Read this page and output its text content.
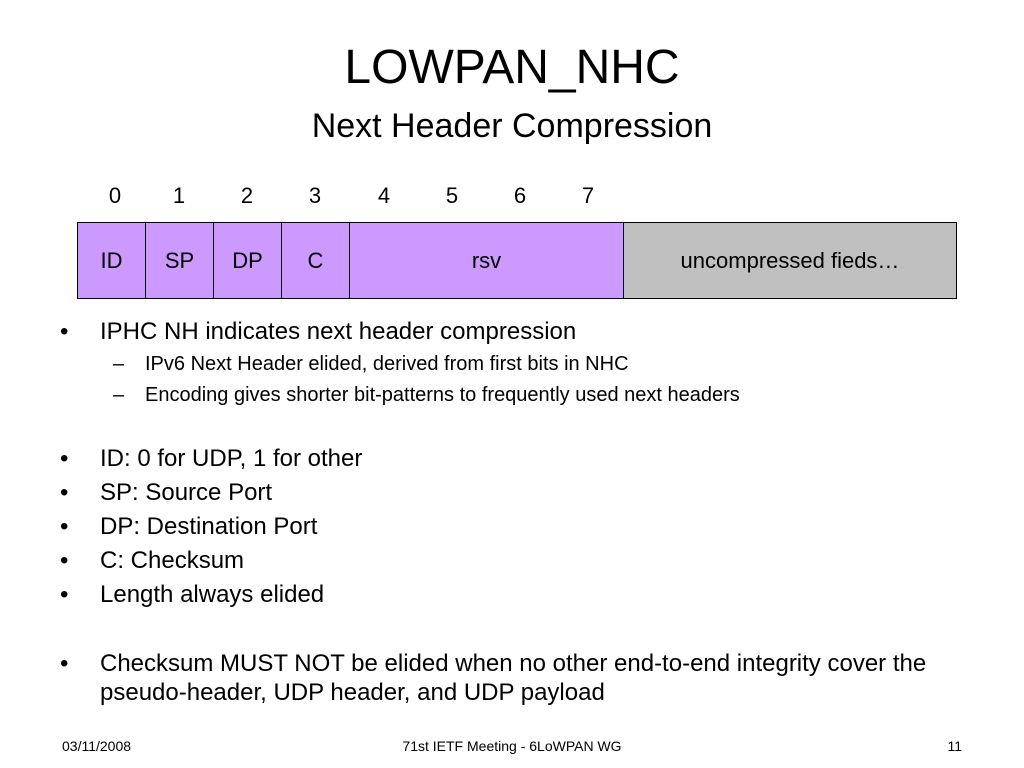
LOWPAN_NHC
Next Header Compression
0	1	2	3	4	5	6	7
ID SP DP C	rsv	uncompressed fieds…
•	IPHC NH indicates next header compression
–	IPv6 Next Header elided, derived from first bits in NHC
–	Encoding gives shorter bit-patterns to frequently used next headers
•	ID: 0 for UDP, 1 for other
•	SP: Source Port
•	DP: Destination Port
•	C: Checksum
•	Length always elided
•	Checksum MUST NOT be elided when no other end-to-end integrity cover the pseudo-header, UDP header, and UDP payload
03/11/2008	71st IETF Meeting - 6LoWPAN WG	11
